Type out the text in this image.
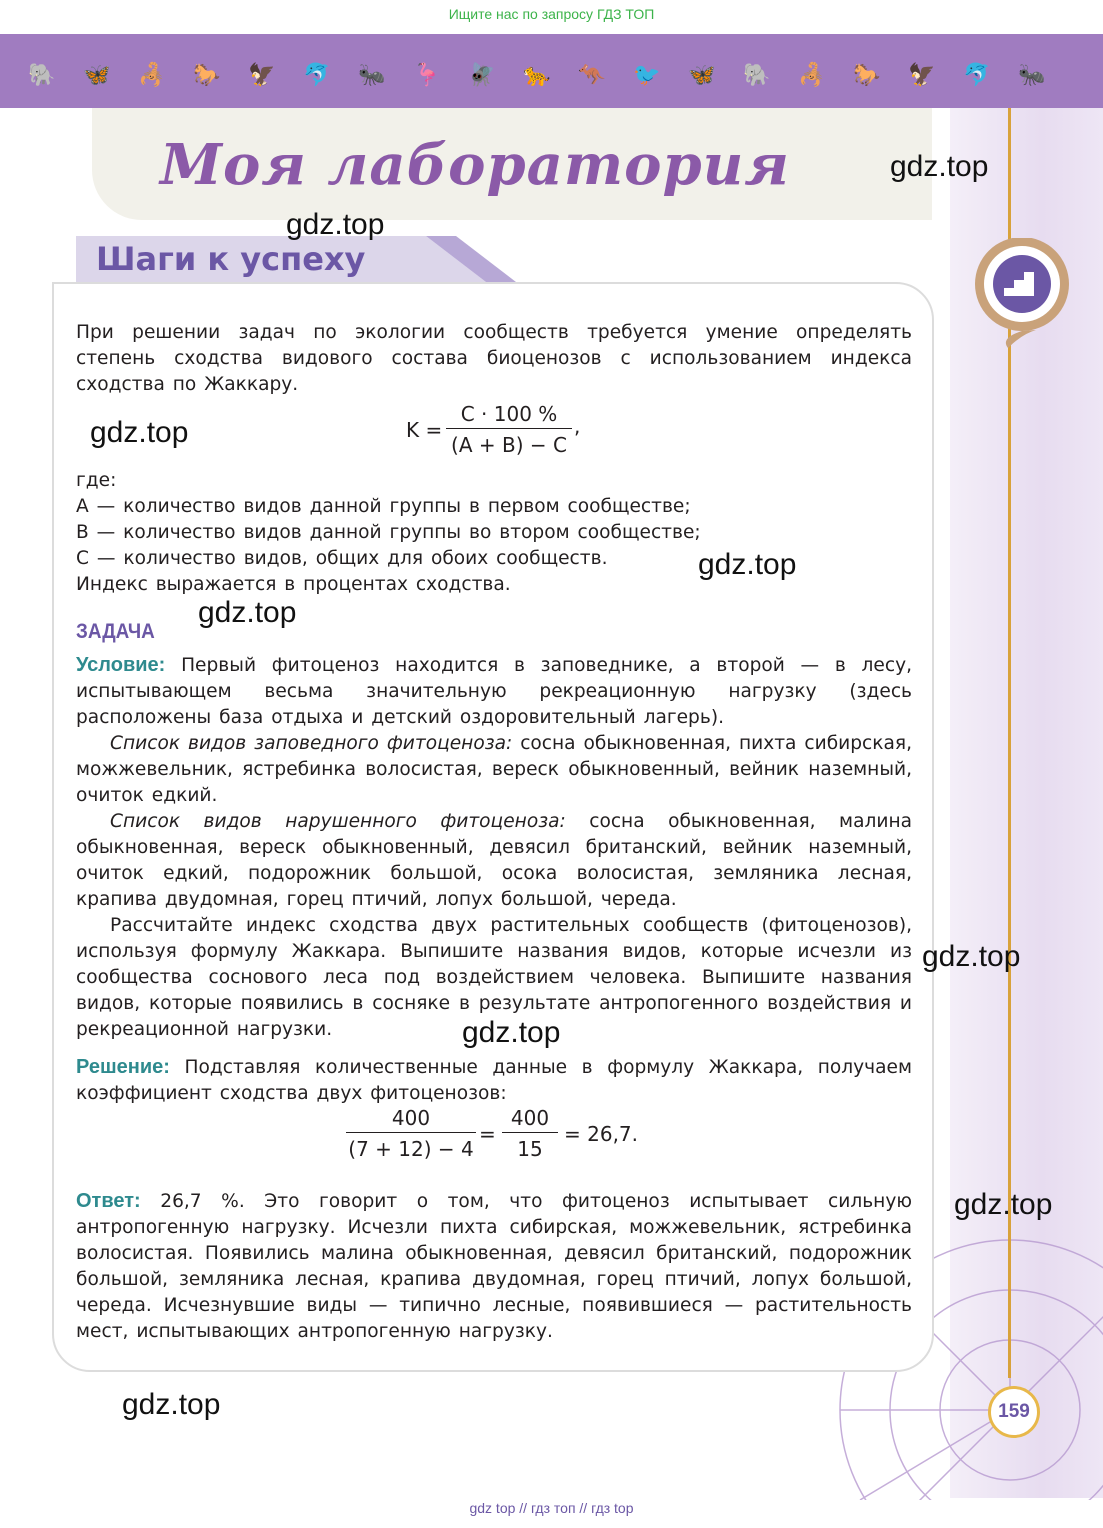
Ищите нас по запросу ГДЗ ТОП
🐘 🦋 🦂 🐎 🦅 🐬 🐜 🦩 🪰 🐆 🦘 🐦 🦋 🐘 🦂 🐎 🦅 🐬 🐜
Моя лаборатория	gdz.top
gdz.top
Шаги к успеху

При решении задач по экологии сообществ требуется умение определять степень сходства видового состава биоценозов с использованием индекса сходства по Жаккару.

gdz.top	$K = \frac{C \cdot 100 \%}{(A + B) - C}$ ,

где:

A — количество видов данной группы в первом сообществе;

B — количество видов данной группы во втором сообществе;

C — количество видов, общих для обоих сообществ.

Индекс выражается в процентах сходства.

gdz.top
gdz.top
ЗАДАЧА

Условие: Первый фитоценоз находится в заповеднике, а второй — в лесу, испытывающем весьма значительную рекреационную нагрузку (здесь расположены база отдыха и детский оздоровительный лагерь).

Список видов заповедного фитоценоза: сосна обыкновенная, пихта сибирская, можжевельник, ястребинка волосистая, вереск обыкновенный, вейник наземный, очиток едкий.

Список видов нарушенного фитоценоза: сосна обыкновенная, малина обыкновенная, вереск обыкновенный, девясил британский, вейник наземный, очиток едкий, подорожник большой, осока волосистая, земляника лесная, крапива двудомная, горец птичий, лопух большой, череда.

Рассчитайте индекс сходства двух растительных сообществ (фитоценозов), используя формулу Жаккара. Выпишите названия видов, которые исчезли из сообщества соснового леса под воздействием человека. Выпишите названия видов, которые появились в сосняке в результате антропогенного воздействия и рекреационной нагрузки.

gdz.top
gdz.top

Решение: Подставляя количественные данные в формулу Жаккара, получаем коэффициент сходства двух фитоценозов:

$\frac{400}{(7 + 12) - 4} = \frac{400}{15} = 26,7$.

Ответ: 26,7 %. Это говорит о том, что фитоценоз испытывает сильную антропогенную нагрузку. Исчезли пихта сибирская, можжевельник, ястребинка волосистая. Появились малина обыкновенная, девясил британский, подорожник большой, земляника лесная, крапива двудомная, горец птичий, лопух большой, череда. Исчезнувшие виды — типично лесные, появившиеся — растительность мест, испытывающих антропогенную нагрузку.

gdz.top
gdz.top	159
gdz top // гдз топ // гдз top
